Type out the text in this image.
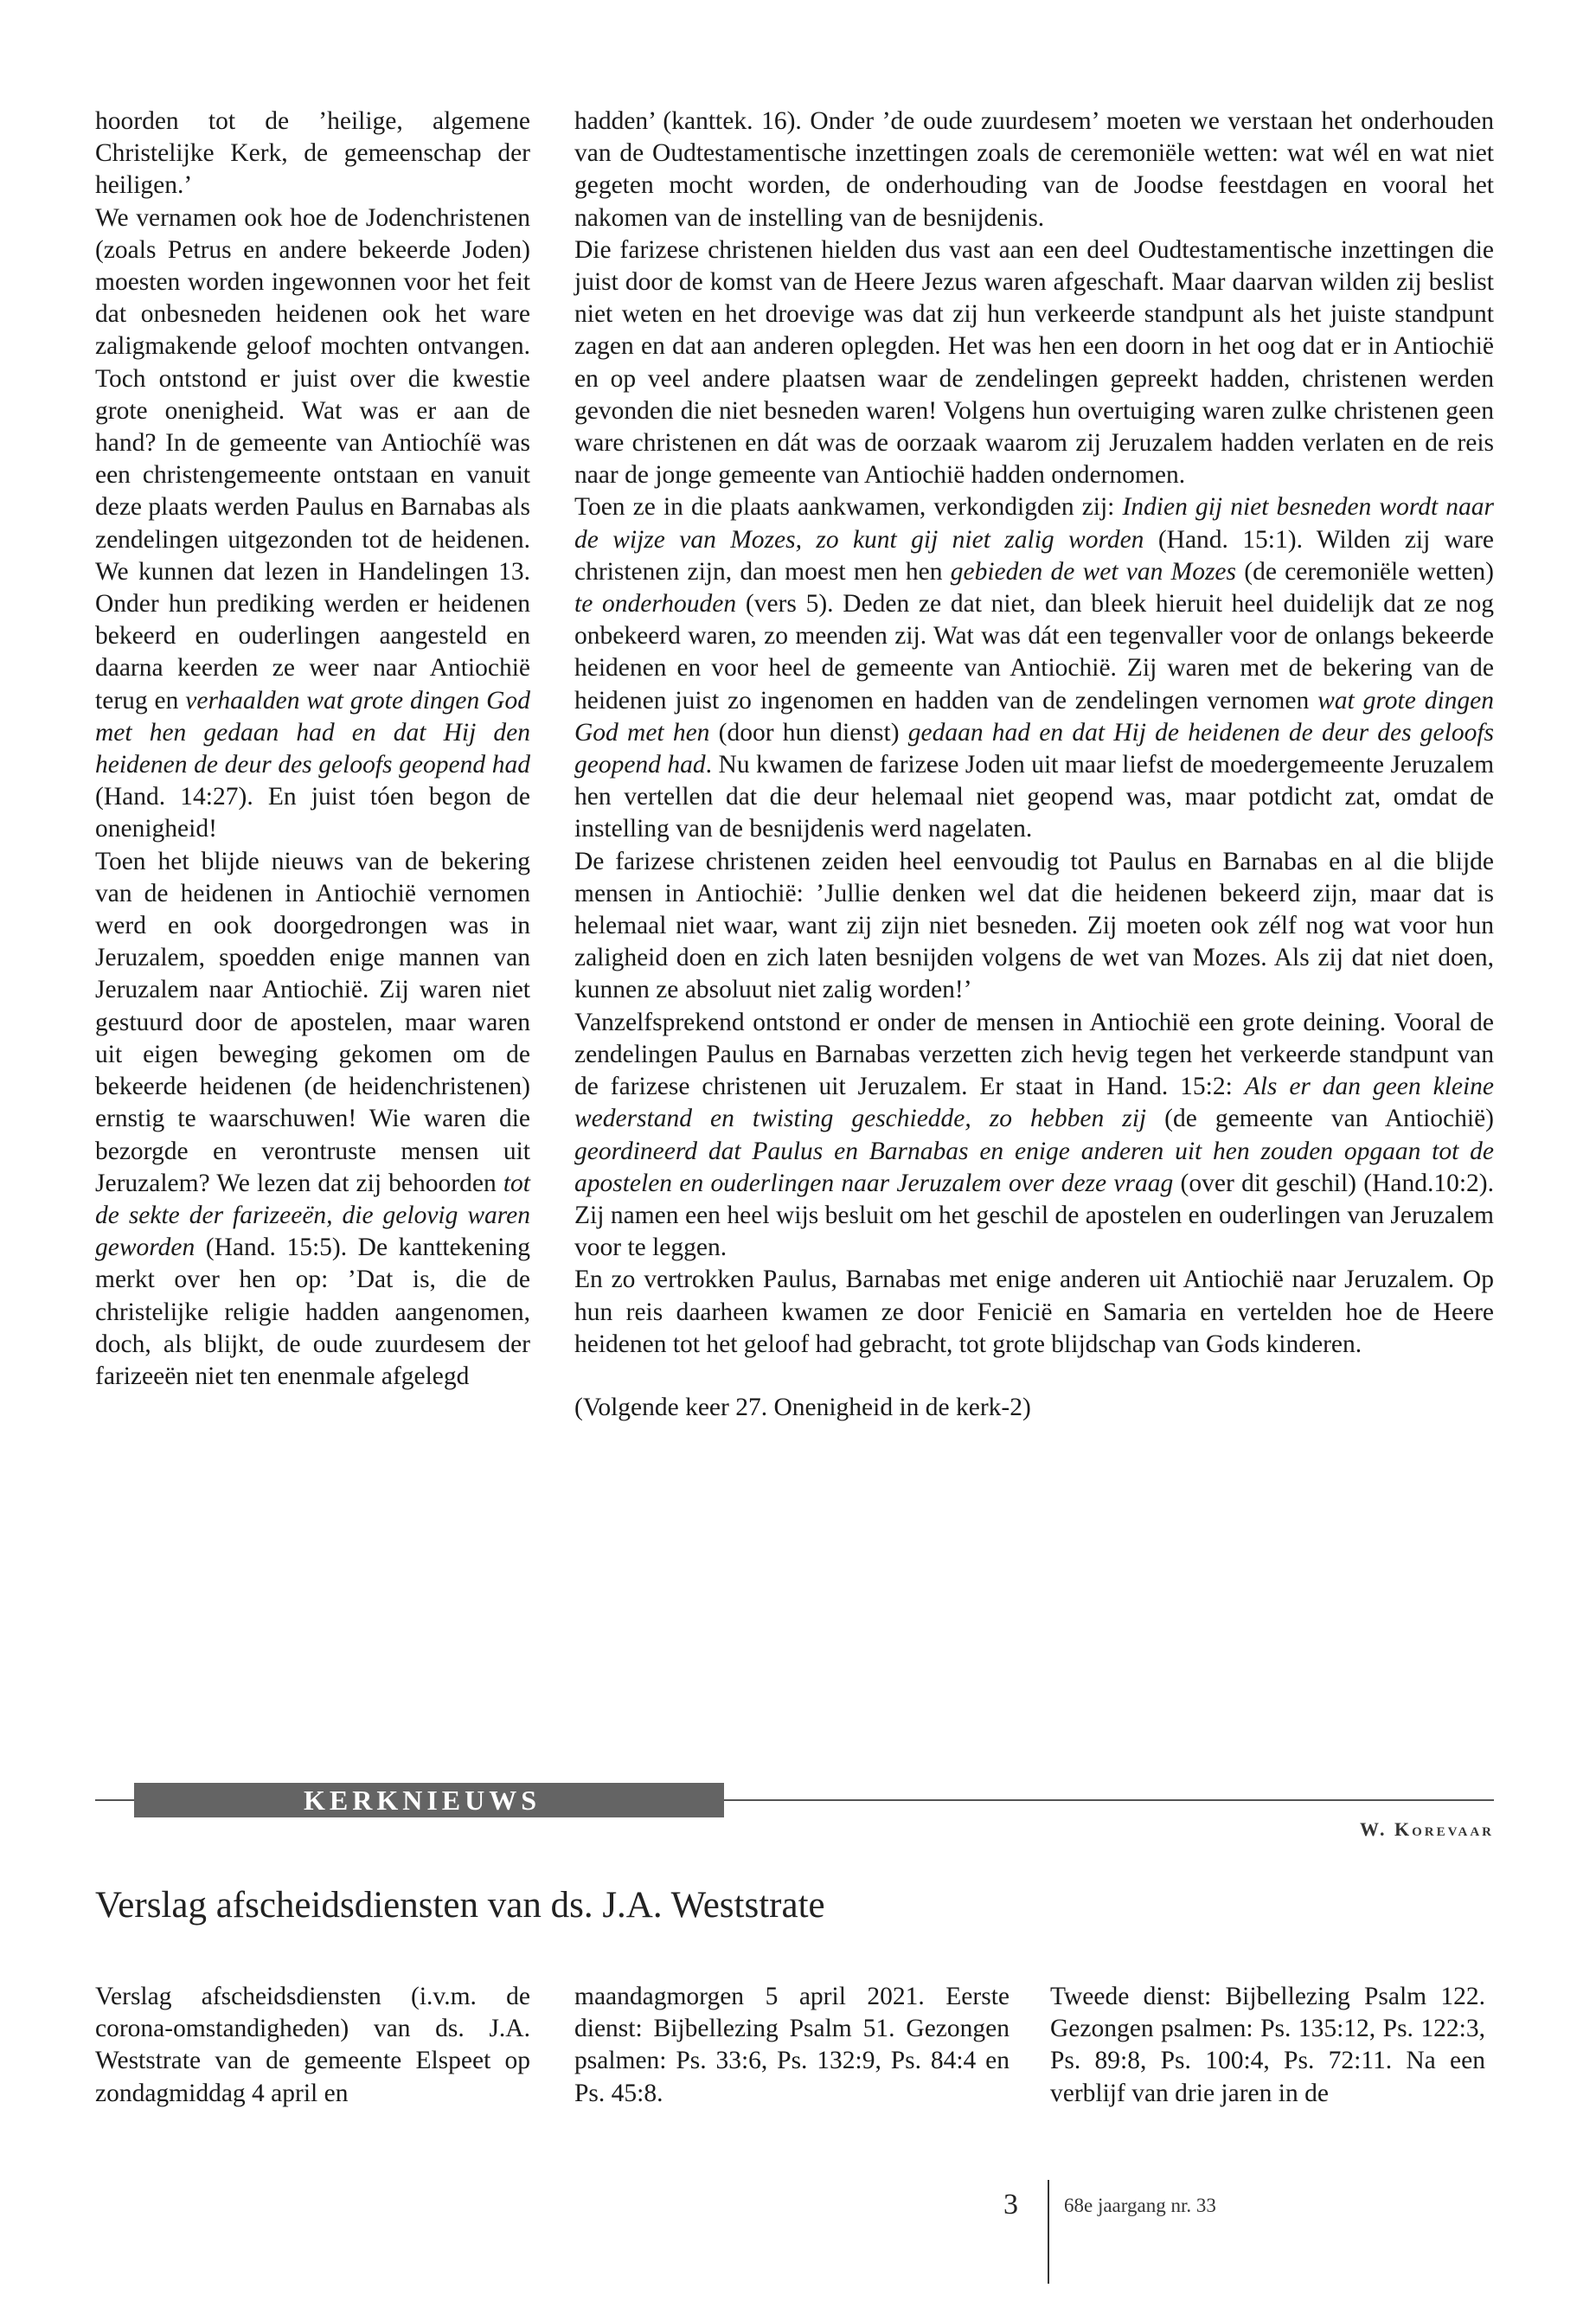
hoorden tot de ’heilige, algemene Christelijke Kerk, de gemeenschap der heiligen.’

We vernamen ook hoe de Jodenchristenen (zoals Petrus en andere bekeerde Joden) moesten worden ingewonnen voor het feit dat onbesneden heidenen ook het ware zaligmakende geloof mochten ontvangen. Toch ontstond er juist over die kwestie grote onenigheid. Wat was er aan de hand? In de gemeente van Antiochíë was een christengemeente ontstaan en vanuit deze plaats werden Paulus en Barnabas als zendelingen uitgezonden tot de heidenen. We kunnen dat lezen in Handelingen 13. Onder hun prediking werden er heidenen bekeerd en ouderlingen aangesteld en daarna keerden ze weer naar Antiochië terug en verhaalden wat grote dingen God met hen gedaan had en dat Hij den heidenen de deur des geloofs geopend had (Hand. 14:27). En juist tóen begon de onenigheid!

Toen het blijde nieuws van de bekering van de heidenen in Antiochië vernomen werd en ook doorgedrongen was in Jeruzalem, spoedden enige mannen van Jeruzalem naar Antiochië. Zij waren niet gestuurd door de apostelen, maar waren uit eigen beweging gekomen om de bekeerde heidenen (de heidenchristenen) ernstig te waarschuwen! Wie waren die bezorgde en verontruste mensen uit Jeruzalem? We lezen dat zij behoorden tot de sekte der farizeeën, die gelovig waren geworden (Hand. 15:5). De kanttekening merkt over hen op: ’Dat is, die de christelijke religie hadden aangenomen, doch, als blijkt, de oude zuurdesem der farizeeën niet ten enenmale afgelegd

hadden’ (kanttek. 16). Onder ’de oude zuurdesem’ moeten we verstaan het onderhouden van de Oudtestamentische inzettingen zoals de ceremoniële wetten: wat wél en wat niet gegeten mocht worden, de onderhouding van de Joodse feestdagen en vooral het nakomen van de instelling van de besnijdenis.

Die farizese christenen hielden dus vast aan een deel Oudtestamentische inzettingen die juist door de komst van de Heere Jezus waren afgeschaft. Maar daarvan wilden zij beslist niet weten en het droevige was dat zij hun verkeerde standpunt als het juiste standpunt zagen en dat aan anderen oplegden. Het was hen een doorn in het oog dat er in Antiochië en op veel andere plaatsen waar de zendelingen gepreekt hadden, christenen werden gevonden die niet besneden waren! Volgens hun overtuiging waren zulke christenen geen ware christenen en dát was de oorzaak waarom zij Jeruzalem hadden verlaten en de reis naar de jonge gemeente van Antiochië hadden ondernomen.

Toen ze in die plaats aankwamen, verkondigden zij: Indien gij niet besneden wordt naar de wijze van Mozes, zo kunt gij niet zalig worden (Hand. 15:1). Wilden zij ware christenen zijn, dan moest men hen gebieden de wet van Mozes (de ceremoniële wetten) te onderhouden (vers 5). Deden ze dat niet, dan bleek hieruit heel duidelijk dat ze nog onbekeerd waren, zo meenden zij. Wat was dát een tegenvaller voor de onlangs bekeerde heidenen en voor heel de gemeente van Antiochië. Zij waren met de bekering van de heidenen juist zo ingenomen en hadden van de zendelingen vernomen wat grote dingen God met hen (door hun dienst) gedaan had en dat Hij de heidenen de deur des geloofs geopend had. Nu kwamen de farizese Joden uit maar liefst de moedergemeente Jeruzalem hen vertellen dat die deur helemaal niet geopend was, maar potdicht zat, omdat de instelling van de besnijdenis werd nagelaten.

De farizese christenen zeiden heel eenvoudig tot Paulus en Barnabas en al die blijde mensen in Antiochië: ’Jullie denken wel dat die heidenen bekeerd zijn, maar dat is helemaal niet waar, want zij zijn niet besneden. Zij moeten ook zélf nog wat voor hun zaligheid doen en zich laten besnijden volgens de wet van Mozes. Als zij dat niet doen, kunnen ze absoluut niet zalig worden!’

Vanzelfsprekend ontstond er onder de mensen in Antiochië een grote deining. Vooral de zendelingen Paulus en Barnabas verzetten zich hevig tegen het verkeerde standpunt van de farizese christenen uit Jeruzalem. Er staat in Hand. 15:2: Als er dan geen kleine wederstand en twisting geschiedde, zo hebben zij (de gemeente van Antiochië) geordineerd dat Paulus en Barnabas en enige anderen uit hen zouden opgaan tot de apostelen en ouderlingen naar Jeruzalem over deze vraag (over dit geschil) (Hand.10:2). Zij namen een heel wijs besluit om het geschil de apostelen en ouderlingen van Jeruzalem voor te leggen.

En zo vertrokken Paulus, Barnabas met enige anderen uit Antiochië naar Jeruzalem. Op hun reis daarheen kwamen ze door Fenicië en Samaria en vertelden hoe de Heere heidenen tot het geloof had gebracht, tot grote blijdschap van Gods kinderen.

(Volgende keer 27. Onenigheid in de kerk-2)

KERKNIEUWS
W. Korevaar
Verslag afscheidsdiensten van ds. J.A. Weststrate

Verslag afscheidsdiensten (i.v.m. de corona-omstandigheden) van ds. J.A. Weststrate van de gemeente Elspeet op zondagmiddag 4 april en

maandagmorgen 5 april 2021. Eerste dienst: Bijbellezing Psalm 51. Gezongen psalmen: Ps. 33:6, Ps. 132:9, Ps. 84:4 en Ps. 45:8.

Tweede dienst: Bijbellezing Psalm 122. Gezongen psalmen: Ps. 135:12, Ps. 122:3, Ps. 89:8, Ps. 100:4, Ps. 72:11. Na een verblijf van drie jaren in de

3 68e jaargang nr. 33
